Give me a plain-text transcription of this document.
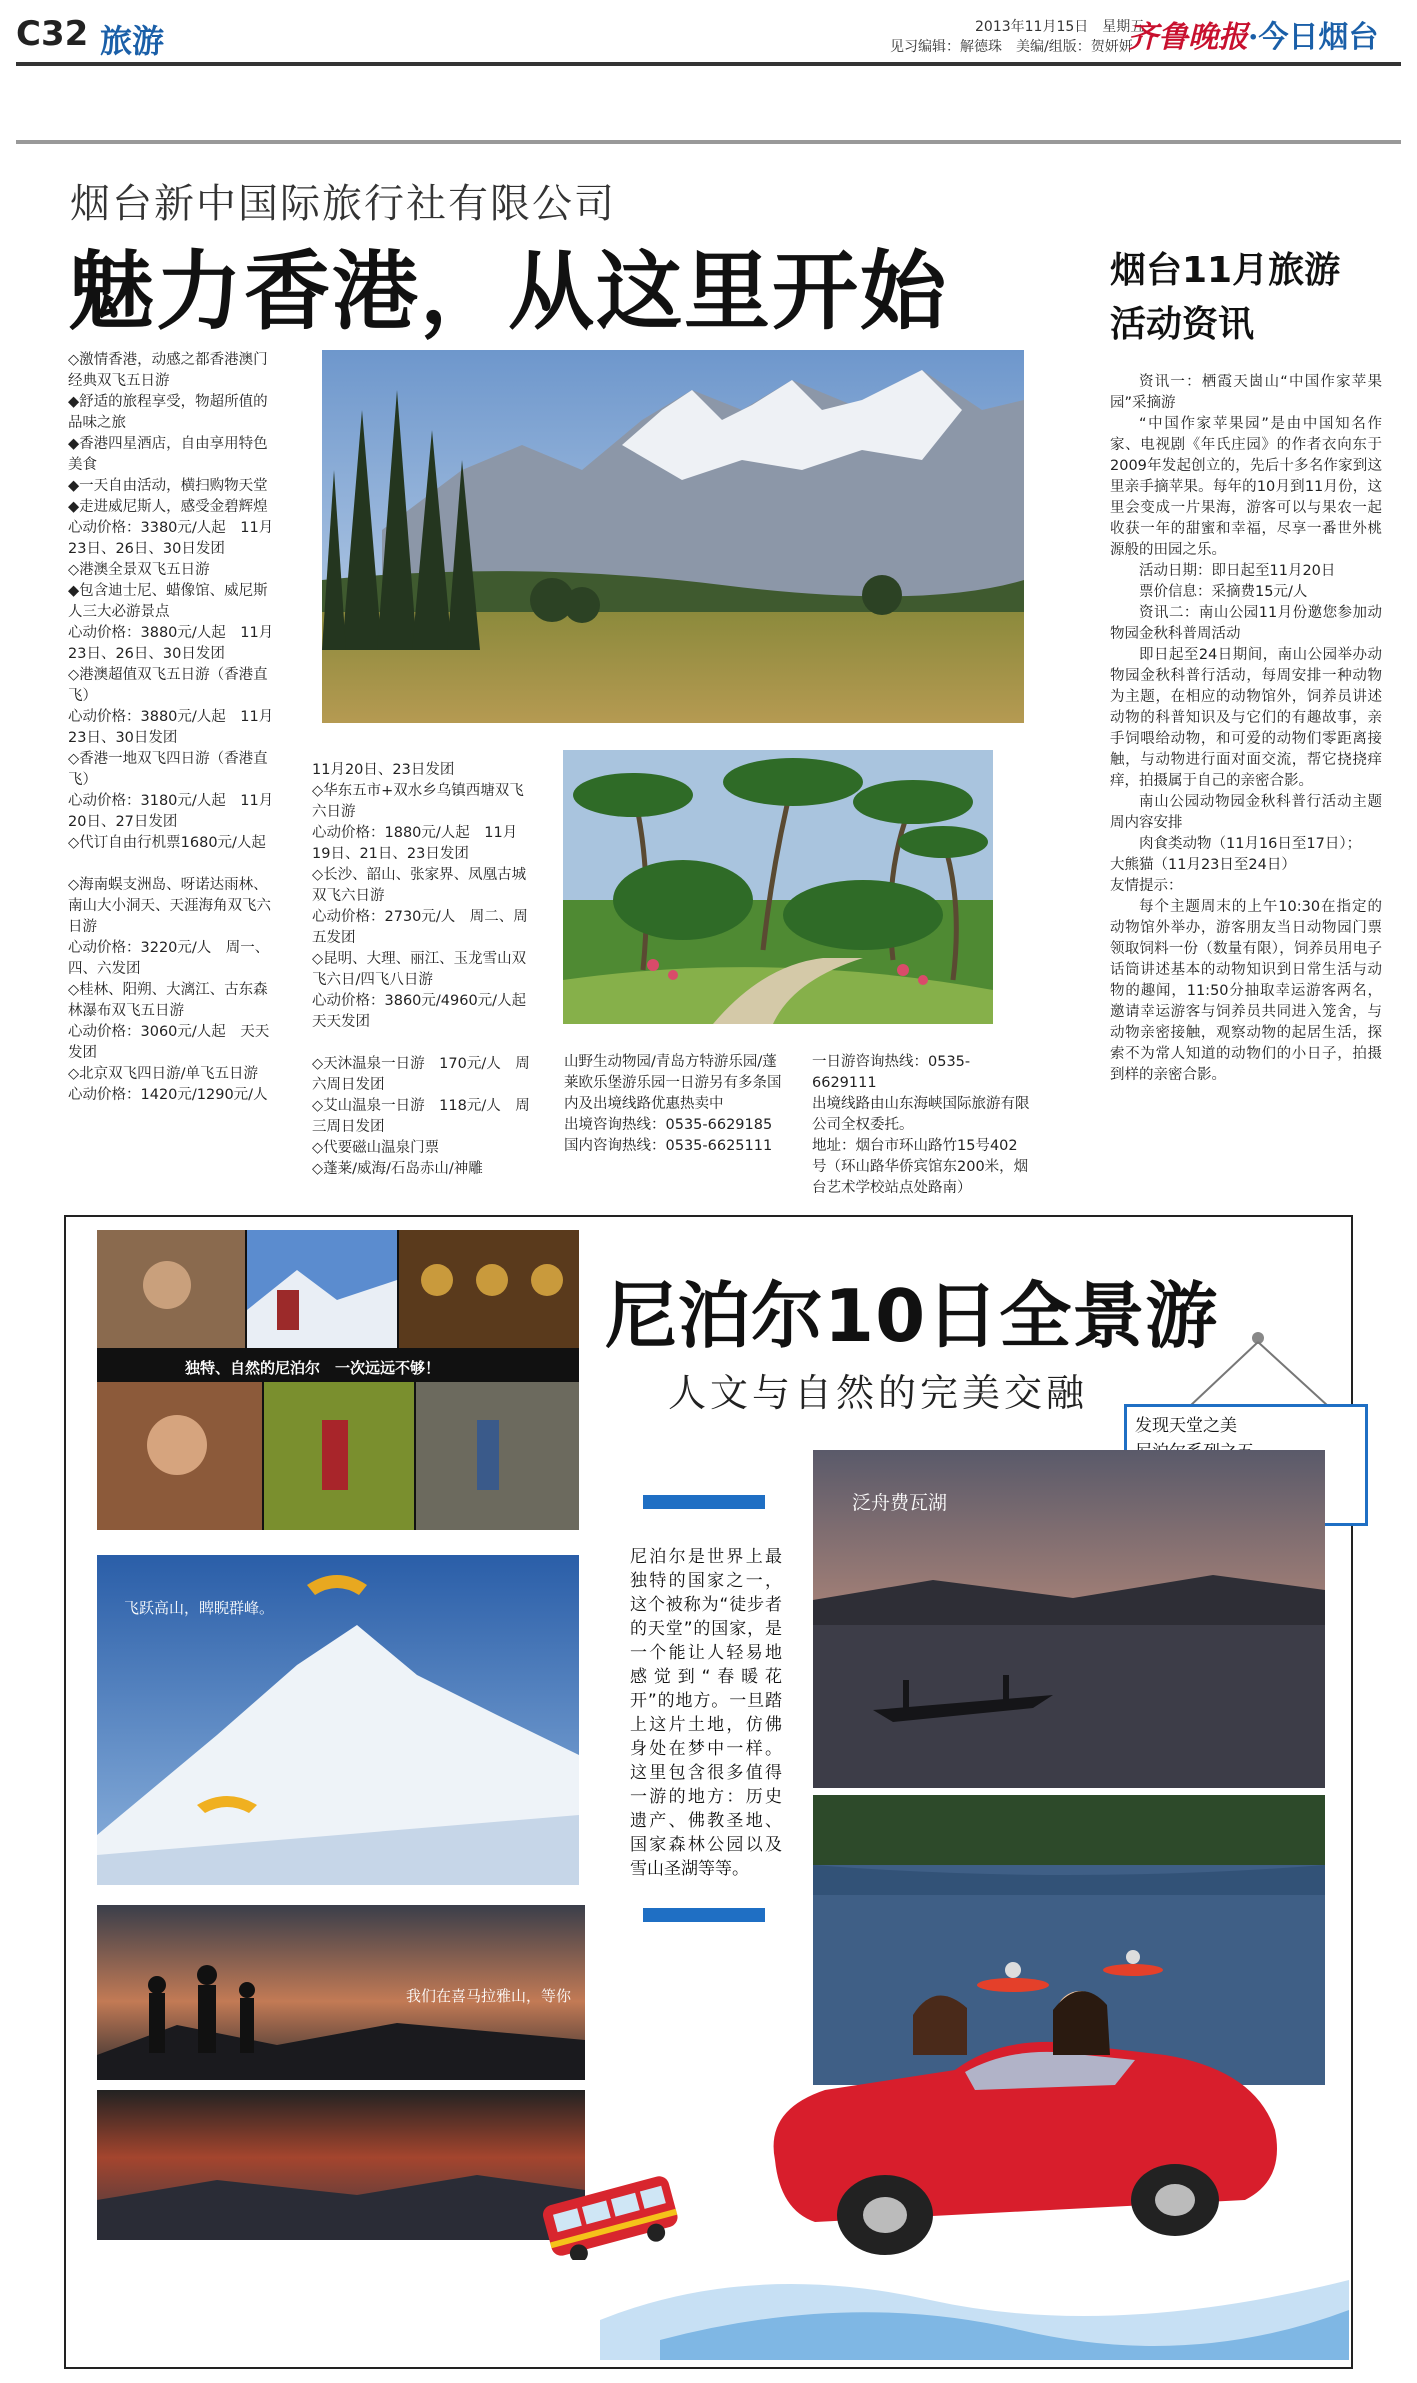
C32 旅游	2013年11月15日　星期五
见习编辑：解德珠　美编/组版：贺妍妍
齐鲁晚报·今日烟台
烟台新中国际旅行社有限公司
魅力香港，从这里开始

◇激情香港，动感之都香港澳门经典双飞五日游

◆舒适的旅程享受，物超所值的品味之旅

◆香港四星酒店，自由享用特色美食

◆一天自由活动，横扫购物天堂

◆走进威尼斯人，感受金碧辉煌

心动价格：3380元/人起　11月23日、26日、30日发团

◇港澳全景双飞五日游

◆包含迪士尼、蜡像馆、威尼斯人三大必游景点

心动价格：3880元/人起　11月23日、26日、30日发团

◇港澳超值双飞五日游（香港直飞）

心动价格：3880元/人起　11月23日、30日发团

◇香港一地双飞四日游（香港直飞）

心动价格：3180元/人起　11月20日、27日发团

◇代订自由行机票1680元/人起

◇海南蜈支洲岛、呀诺达雨林、南山大小洞天、天涯海角双飞六日游

心动价格：3220元/人　周一、四、六发团

◇桂林、阳朔、大漓江、古东森林瀑布双飞五日游

心动价格：3060元/人起　天天发团

◇北京双飞四日游/单飞五日游

心动价格：1420元/1290元/人

11月20日、23日发团

◇华东五市+双水乡乌镇西塘双飞六日游

心动价格：1880元/人起　11月19日、21日、23日发团

◇长沙、韶山、张家界、凤凰古城双飞六日游

心动价格：2730元/人　周二、周五发团

◇昆明、大理、丽江、玉龙雪山双飞六日/四飞八日游

心动价格：3860元/4960元/人起天天发团

◇天沐温泉一日游　170元/人　周六周日发团

◇艾山温泉一日游　118元/人　周三周日发团

◇代要磁山温泉门票

◇蓬莱/威海/石岛赤山/神雕

山野生动物园/青岛方特游乐园/蓬莱欧乐堡游乐园一日游另有多条国内及出境线路优惠热卖中

出境咨询热线：0535-6629185

国内咨询热线：0535-6625111

一日游咨询热线：0535-6629111

出境线路由山东海峡国际旅游有限公司全权委托。

地址：烟台市环山路竹15号402号（环山路华侨宾馆东200米，烟台艺术学校站点处路南）

烟台11月旅游活动资讯

资讯一：栖霞天崮山“中国作家苹果园”采摘游

“中国作家苹果园”是由中国知名作家、电视剧《年氏庄园》的作者衣向东于2009年发起创立的，先后十多名作家到这里亲手摘苹果。每年的10月到11月份，这里会变成一片果海，游客可以与果农一起收获一年的甜蜜和幸福，尽享一番世外桃源般的田园之乐。

活动日期：即日起至11月20日

票价信息：采摘费15元/人

资讯二：南山公园11月份邀您参加动物园金秋科普周活动

即日起至24日期间，南山公园举办动物园金秋科普行活动，每周安排一种动物为主题，在相应的动物馆外，饲养员讲述动物的科普知识及与它们的有趣故事，亲手饲喂给动物，和可爱的动物们零距离接触，与动物进行面对面交流，帮它挠挠痒痒，拍摄属于自己的亲密合影。

南山公园动物园金秋科普行活动主题周内容安排

肉食类动物（11月16日至17日）；

大熊猫（11月23日至24日）

友情提示：

每个主题周末的上午10:30在指定的动物馆外举办，游客朋友当日动物园门票领取饲料一份（数量有限），饲养员用电子话筒讲述基本的动物知识到日常生活与动物的趣闻，11:50分抽取幸运游客两名，邀请幸运游客与饲养员共同进入笼舍，与动物亲密接触，观察动物的起居生活，探索不为常人知道的动物们的小日子，拍摄到样的亲密合影。

独特、自然的尼泊尔　一次远远不够！
飞跃高山，睥睨群峰。
我们在喜马拉雅山，等你
尼泊尔10日全景游
人文与自然的完美交融
发现天堂之美
尼泊尔是世界上最独特的国家之一，这个被称为“徒步者的天堂”的国家，是一个能让人轻易地感觉到“春暖花开”的地方。一旦踏上这片土地，仿佛身处在梦中一样。这里包含很多值得一游的地方：历史遗产、佛教圣地、国家森林公园以及雪山圣湖等等。
泛舟费瓦湖
